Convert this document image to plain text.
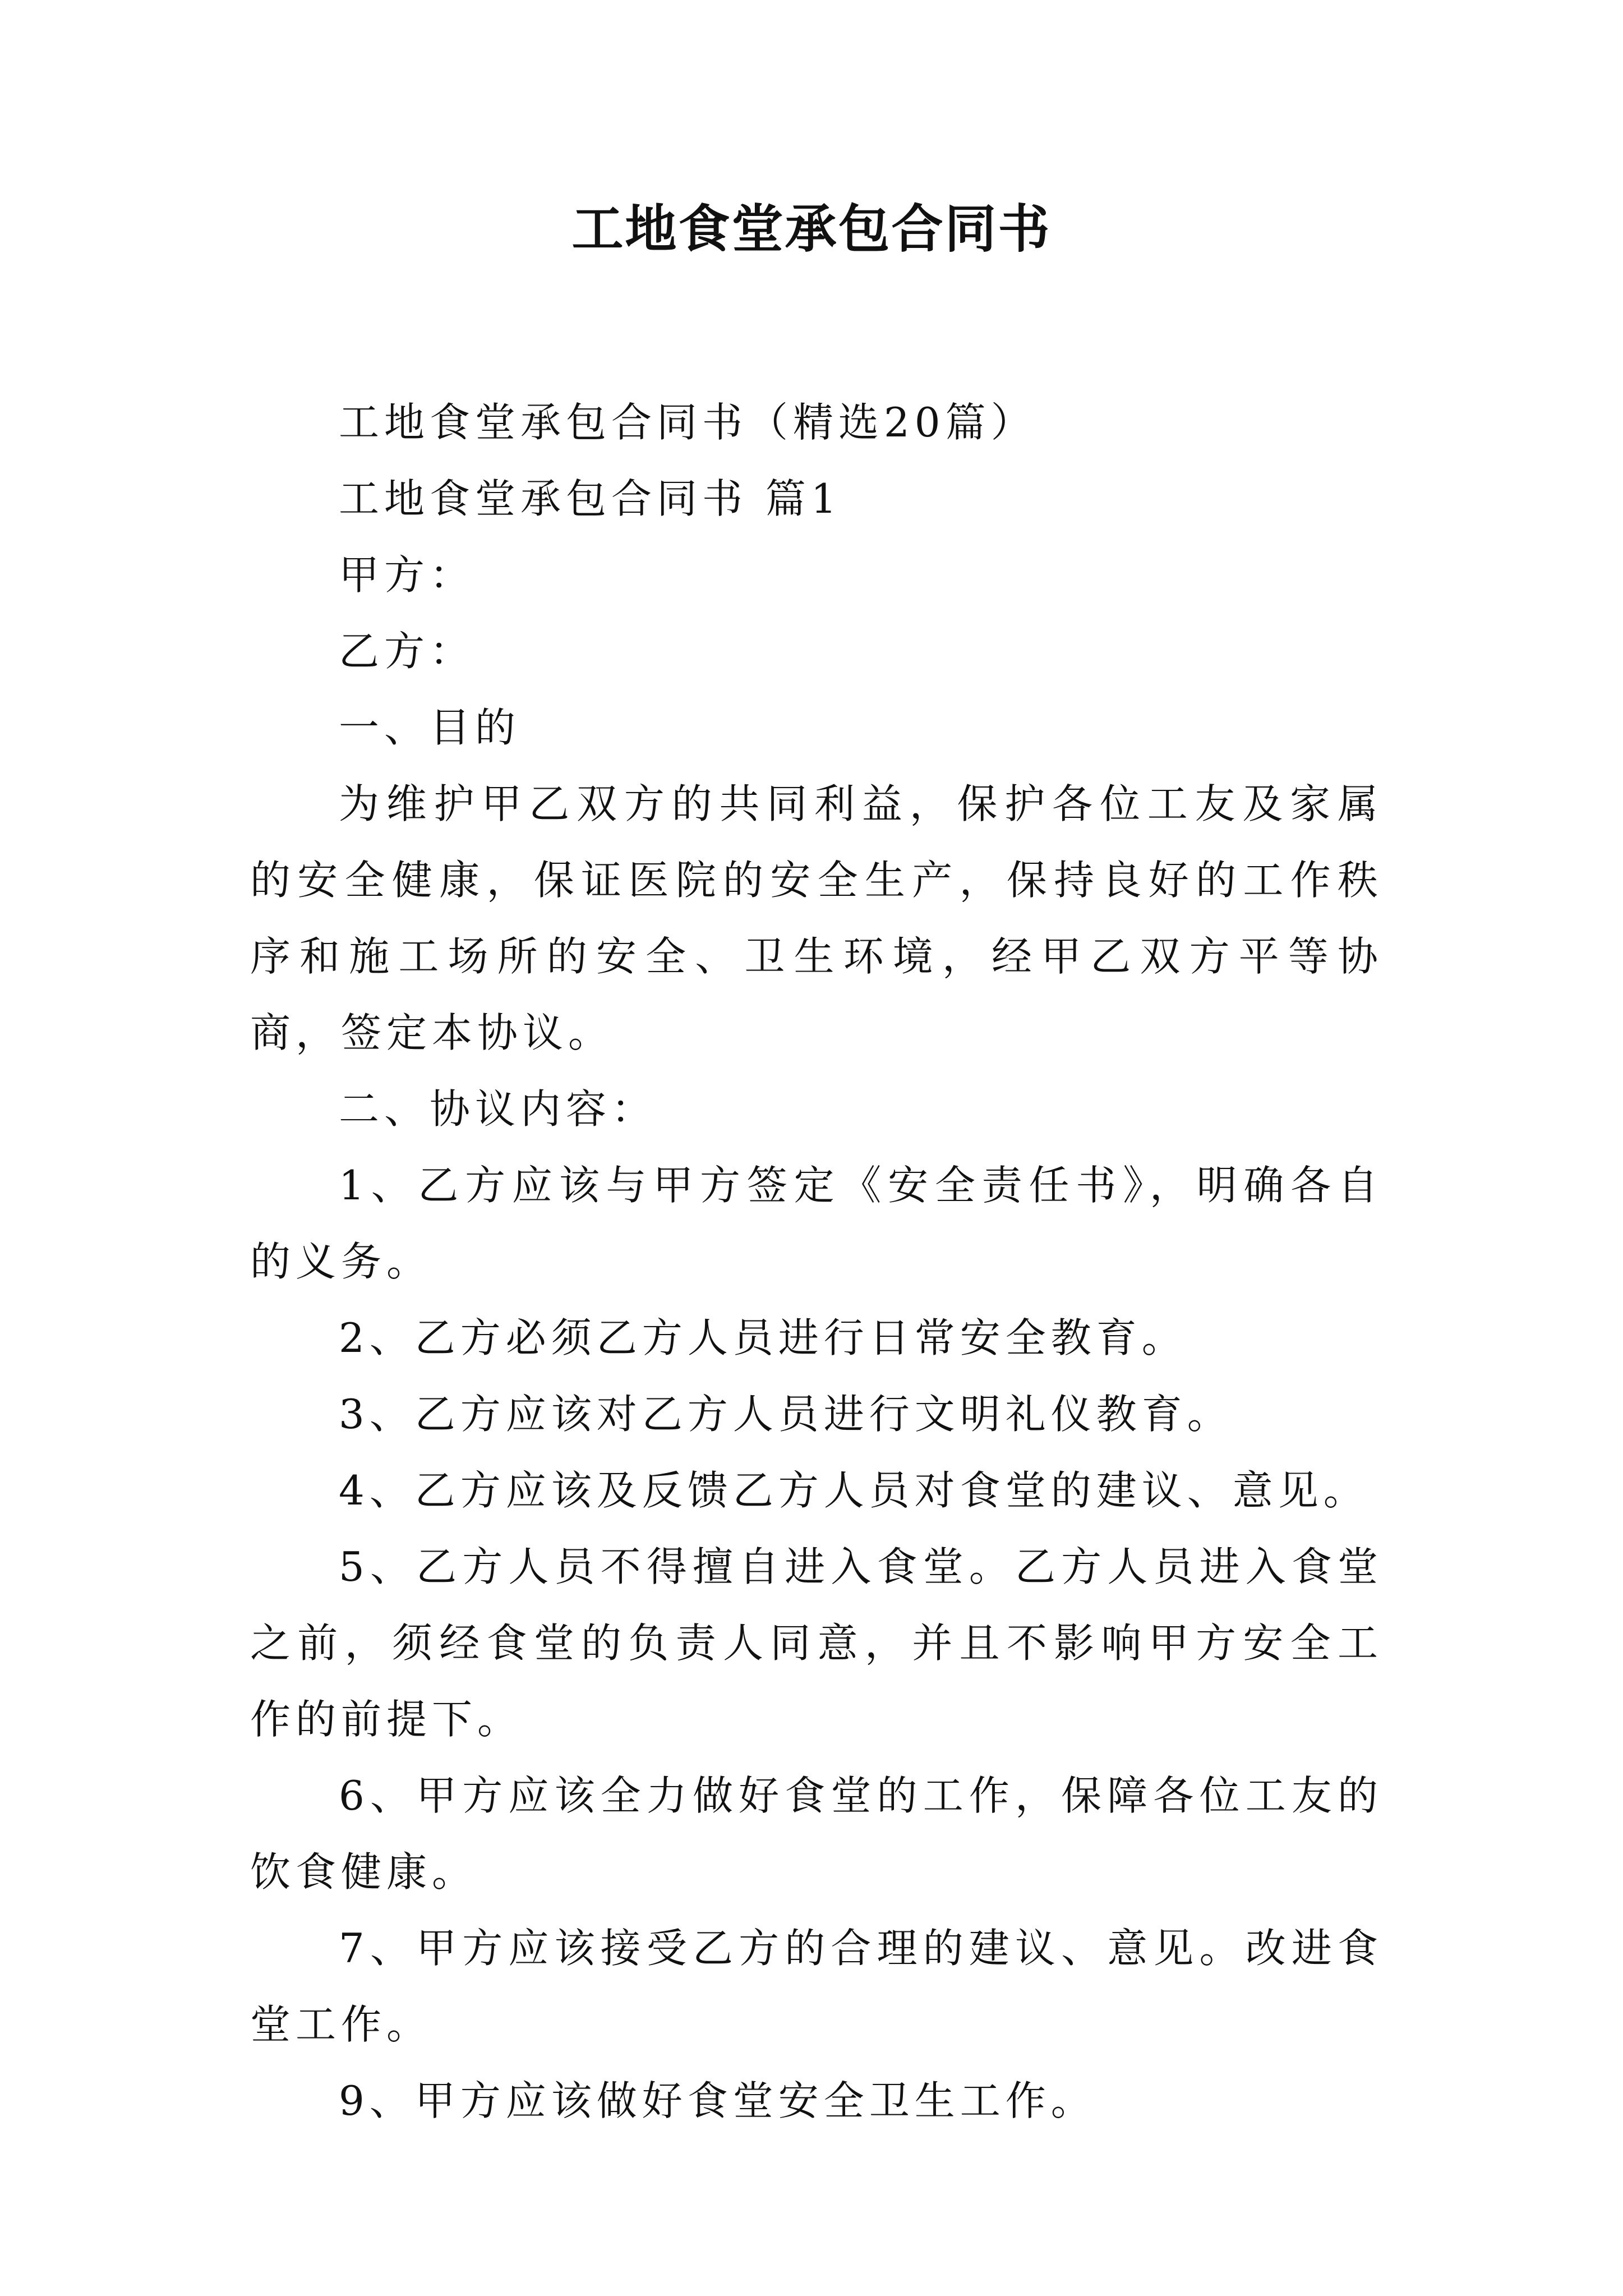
工地食堂承包合同书

工地食堂承包合同书（精选20篇）

工地食堂承包合同书 篇1

甲方：

乙方：

一、目的

为维护甲乙双方的共同利益，保护各位工友及家属的安全健康，保证医院的安全生产，保持良好的工作秩序和施工场所的安全、卫生环境，经甲乙双方平等协商，签定本协议。

二、协议内容：

1、乙方应该与甲方签定《安全责任书》，明确各自的义务。

2、乙方必须乙方人员进行日常安全教育。

3、乙方应该对乙方人员进行文明礼仪教育。

4、乙方应该及反馈乙方人员对食堂的建议、意见。

5、乙方人员不得擅自进入食堂。乙方人员进入食堂之前，须经食堂的负责人同意，并且不影响甲方安全工作的前提下。

6、甲方应该全力做好食堂的工作，保障各位工友的饮食健康。

7、甲方应该接受乙方的合理的建议、意见。改进食堂工作。

9、甲方应该做好食堂安全卫生工作。
